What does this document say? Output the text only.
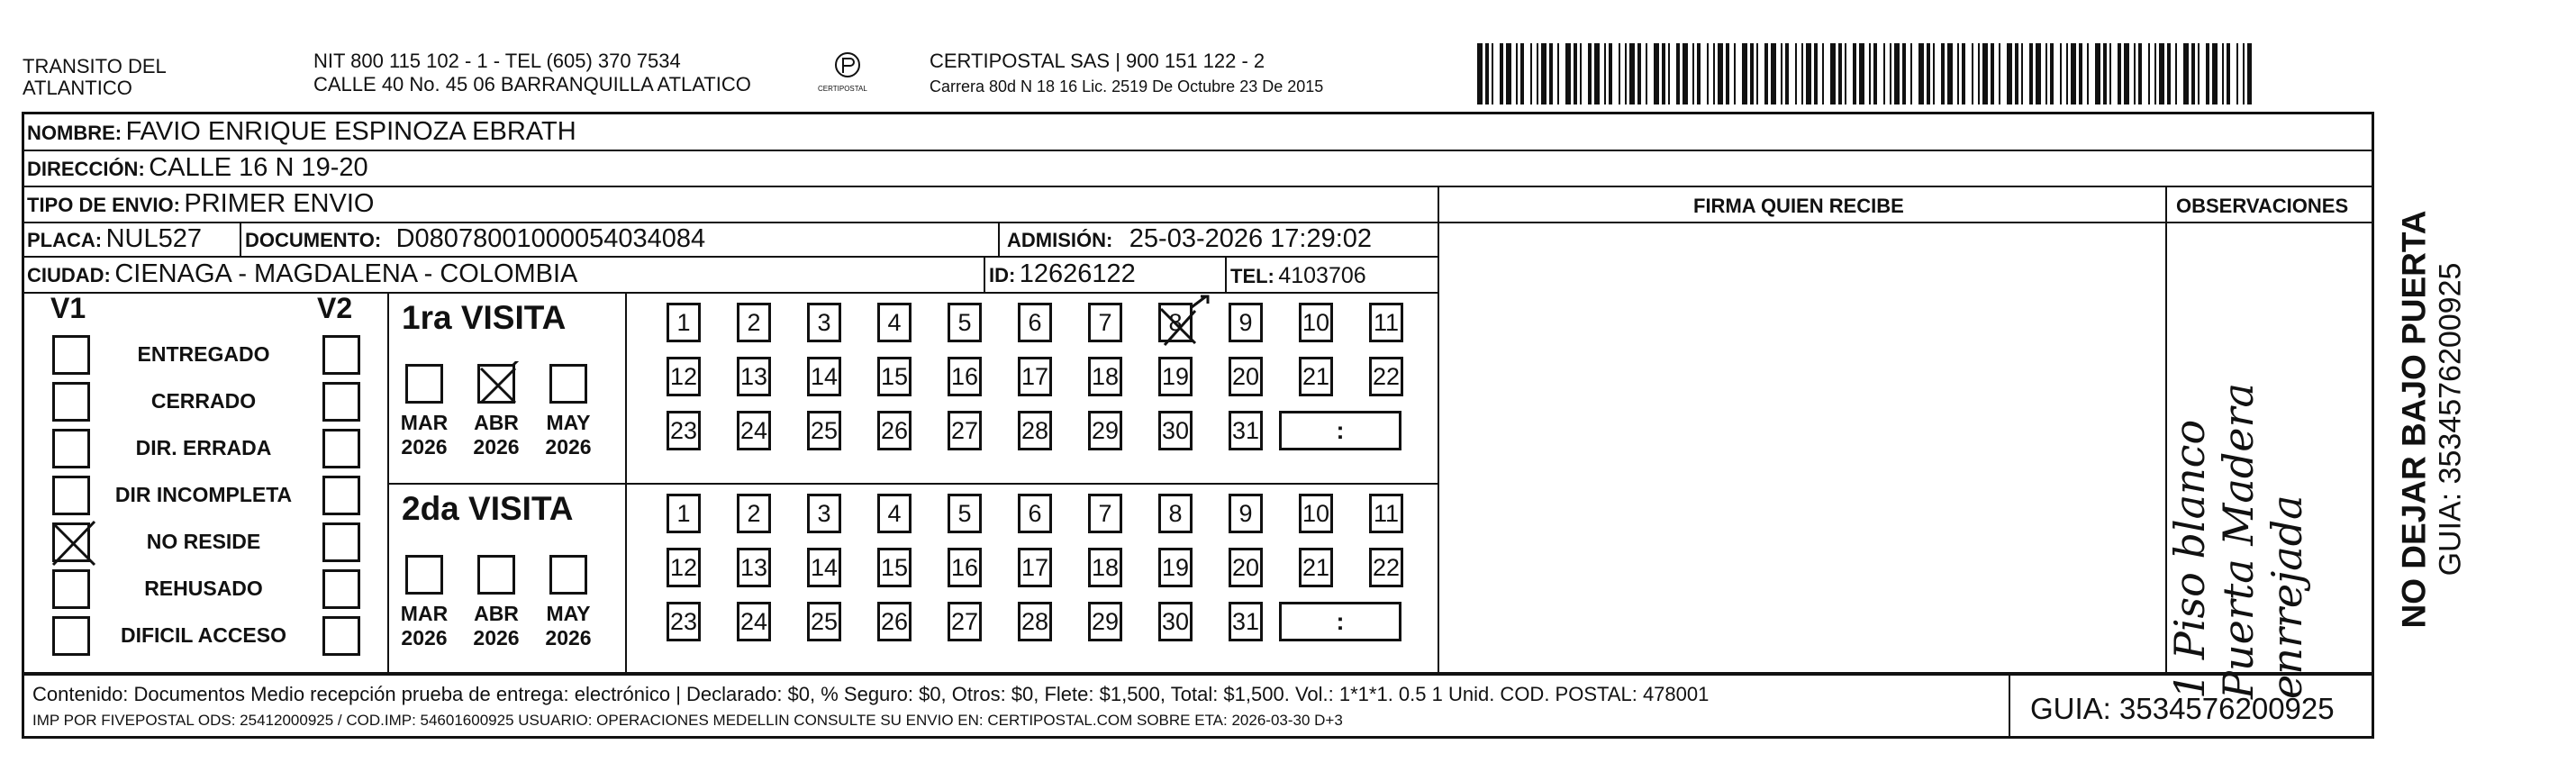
TRANSITO DEL
ATLANTICO
NIT 800 115 102 - 1 - TEL (605) 370 7534
CALLE 40 No. 45 06 BARRANQUILLA ATLATICO	CERTIPOSTAL
CERTIPOSTAL SAS | 900 151 122 - 2
Carrera 80d N 18 16 Lic. 2519 De Octubre 23 De 2015
NOMBRE: FAVIO ENRIQUE ESPINOZA EBRATH
DIRECCIÓN: CALLE 16 N 19-20
TIPO DE ENVIO: PRIMER ENVIO
PLACA: NUL527 DOCUMENTO: D08078001000054034084	ADMISIÓN: 25-03-2026 17:29:02
CIUDAD: CIENAGA - MAGDALENA - COLOMBIA	ID: 12626122	TEL: 4103706
FIRMA QUIEN RECIBE	OBSERVACIONES
1 Piso blanco Puerta Madera enrrejada	NO DEJAR BAJO PUERTA GUIA: 3534576200925
V1	V2
ENTREGADO
CERRADO
DIR. ERRADA
DIR INCOMPLETA
NO RESIDE
REHUSADO
DIFICIL ACCESO
1ra VISITA
MAR
2026
ABR
2026
MAY
2026
1 2 3 4 5 6 7 8 9 10 11
12 13 14 15 16 17 18 19 20 21 22
23 24 25 26 27 28 29 30 31	:
2da VISITA
MAR
2026
ABR
2026
MAY
2026
1 2 3 4 5 6 7 8 9 10 11
12 13 14 15 16 17 18 19 20 21 22
23 24 25 26 27 28 29 30 31	:
Contenido: Documentos Medio recepción prueba de entrega: electrónico | Declarado: $0, % Seguro: $0, Otros: $0, Flete: $1,500, Total: $1,500. Vol.: 1*1*1. 0.5 1 Unid. COD. POSTAL: 478001
IMP POR FIVEPOSTAL ODS: 25412000925 / COD.IMP: 54601600925 USUARIO: OPERACIONES MEDELLIN CONSULTE SU ENVIO EN: CERTIPOSTAL.COM SOBRE ETA: 2026-03-30 D+3	GUIA: 3534576200925
